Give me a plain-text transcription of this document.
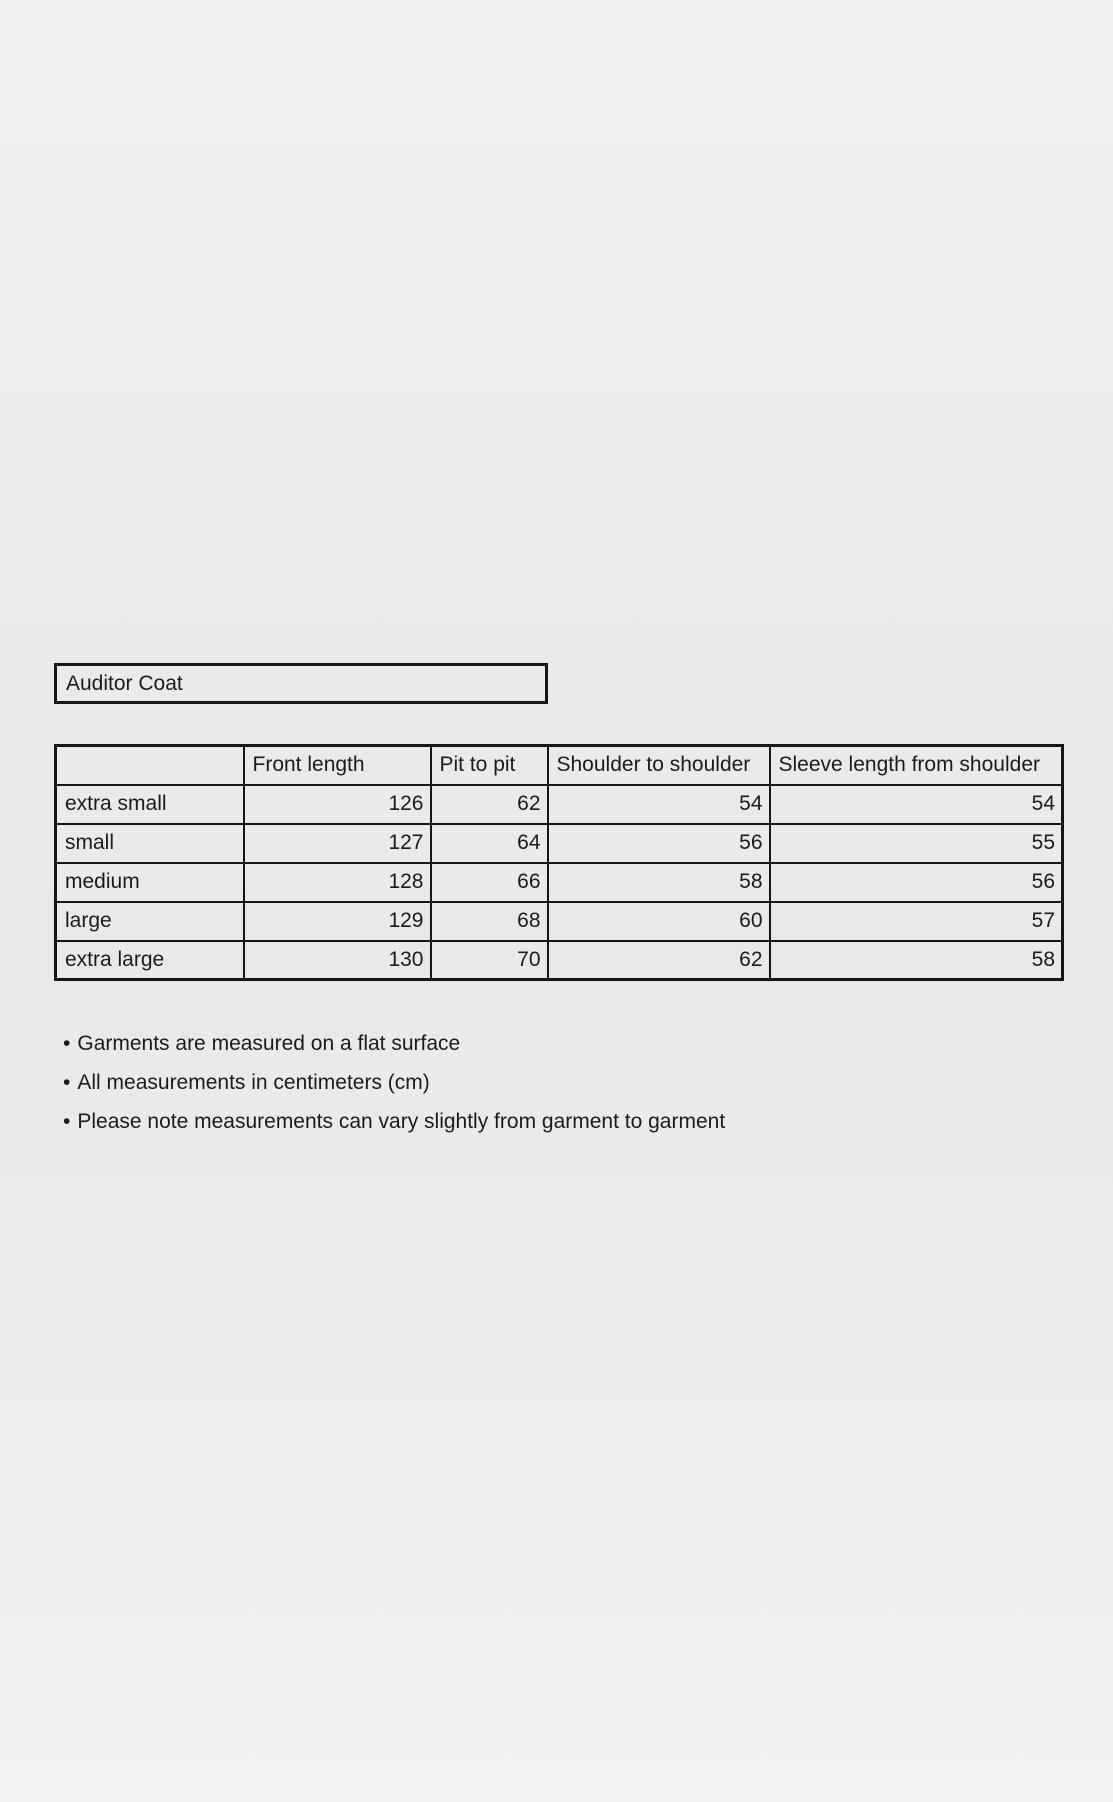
Auditor Coat
	Front length	Pit to pit	Shoulder to shoulder	Sleeve length from shoulder
extra small	126	62	54	54
small	127	64	56	55
medium	128	66	58	56
large	129	68	60	57
extra large	130	70	62	58
• Garments are measured on a flat surface
• All measurements in centimeters (cm)
• Please note measurements can vary slightly from garment to garment
